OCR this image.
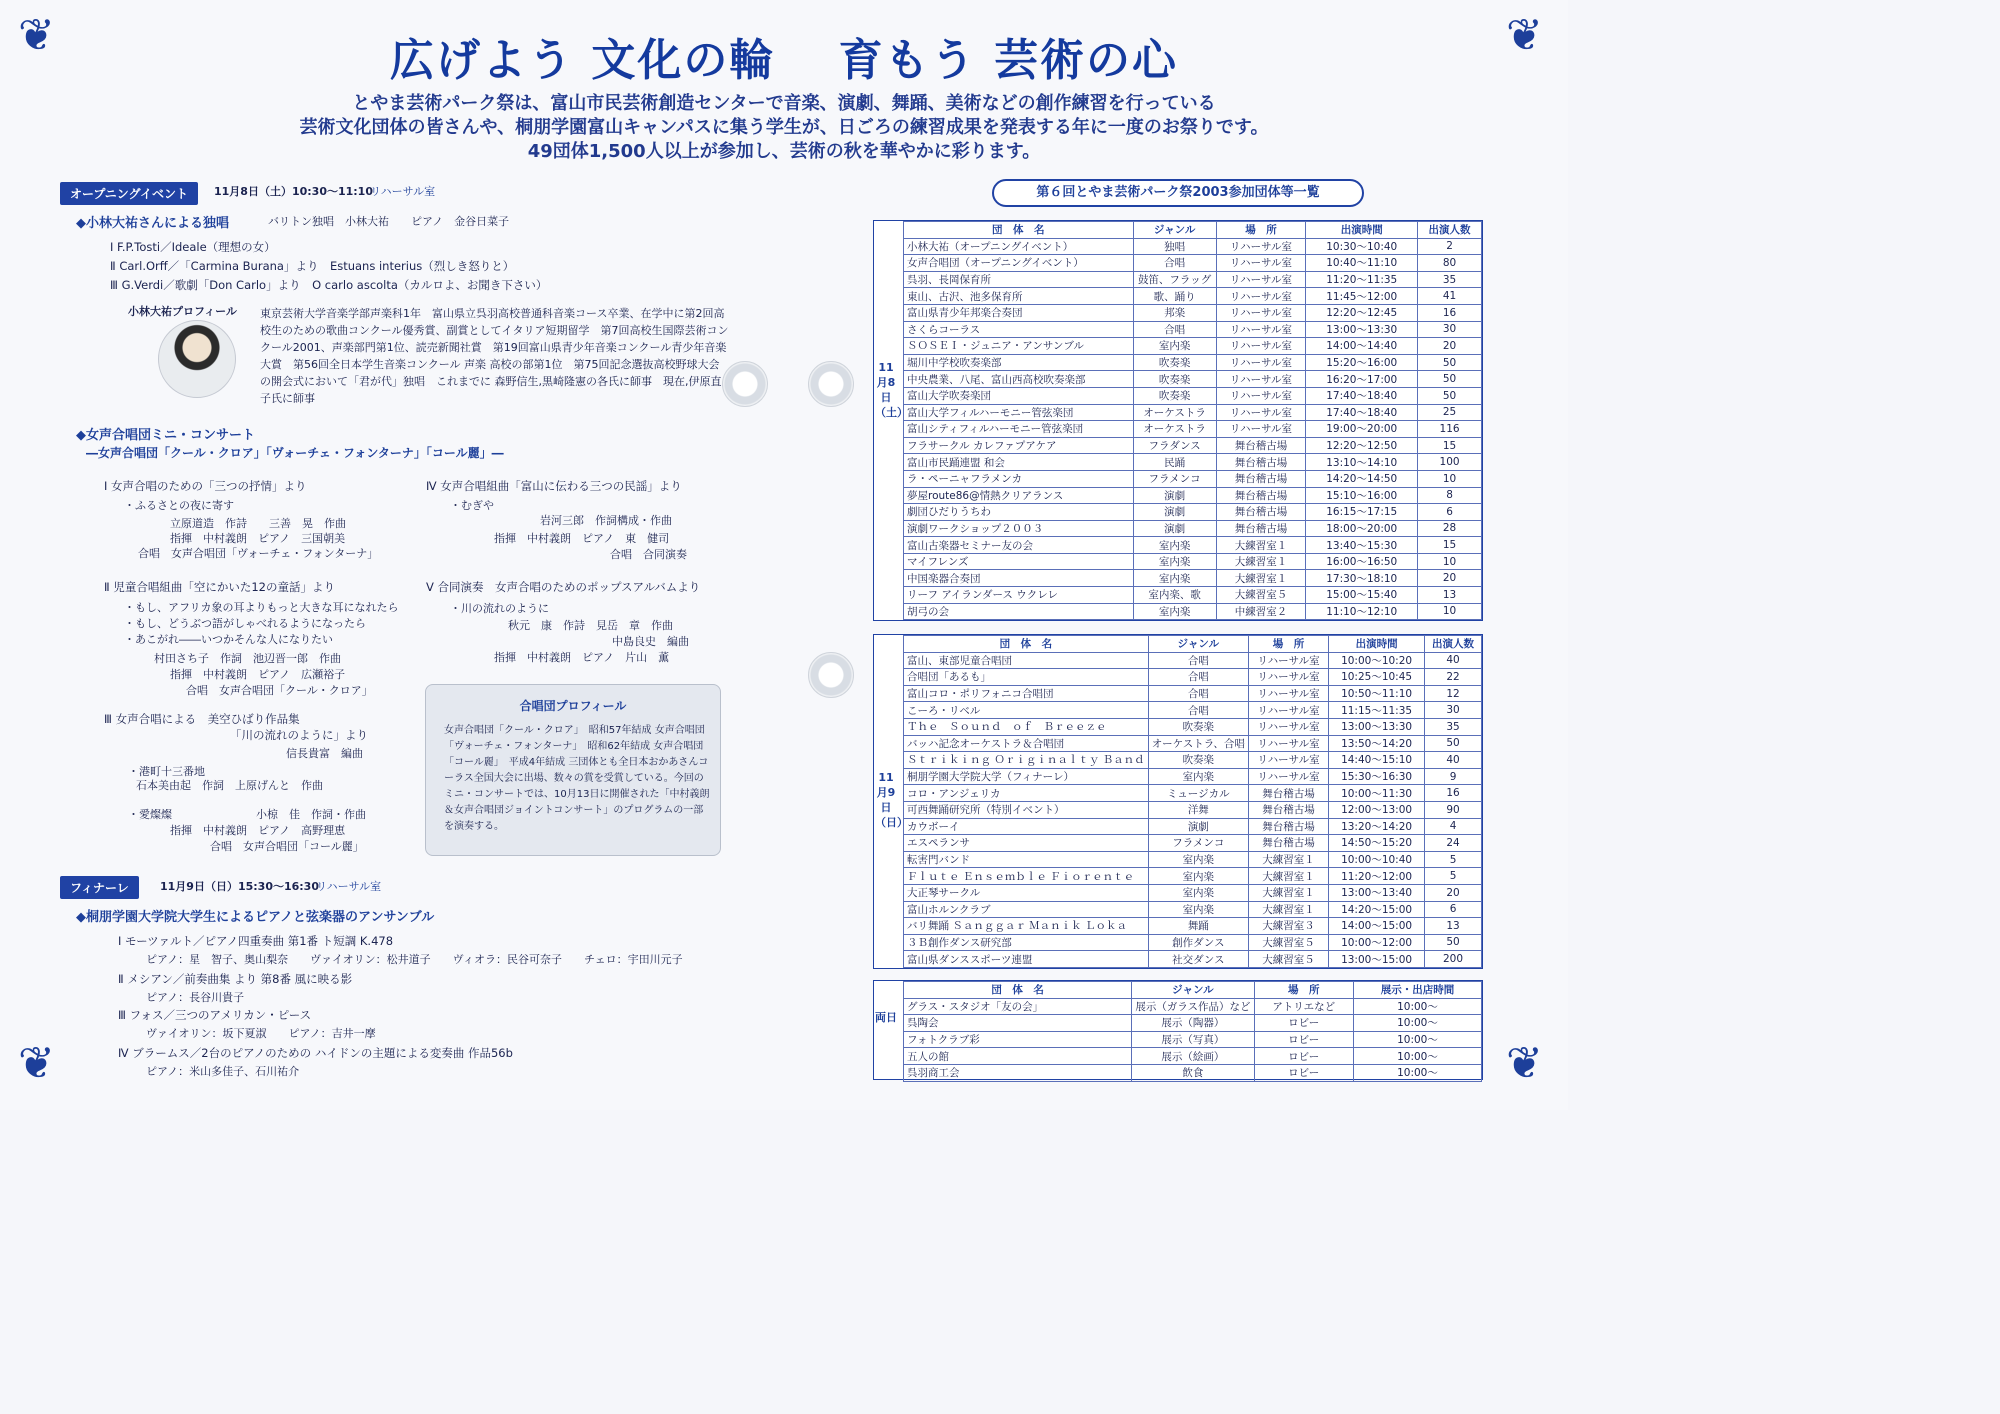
❦	❦
❦	❦
広げよう 文化の輪　 育もう 芸術の心
とやま芸術パーク祭は、富山市民芸術創造センターで音楽、演劇、舞踊、美術などの創作練習を行っている
芸術文化団体の皆さんや、桐朋学園富山キャンパスに集う学生が、日ごろの練習成果を発表する年に一度のお祭りです。
49団体1,500人以上が参加し、芸術の秋を華やかに彩ります。
オープニングイベント	11月8日（土）10:30～11:10
リハーサル室
◆小林大祐さんによる独唱	バリトン独唱　小林大祐　　ピアノ　金谷日菜子
Ⅰ F.P.Tosti／Ideale（理想の女）
Ⅱ Carl.Orff／「Carmina Burana」より　Estuans interius（烈しき怒りと）
Ⅲ G.Verdi／歌劇「Don Carlo」より　O carlo ascolta（カルロよ、お聞き下さい）
小林大祐プロフィール 東京芸術大学音楽学部声楽科1年　富山県立呉羽高校普通科音楽コース卒業、在学中に第2回高校生のための歌曲コンクール優秀賞、副賞としてイタリア短期留学　第7回高校生国際芸術コンクール2001、声楽部門第1位、読売新聞社賞　第19回富山県青少年音楽コンクール青少年音楽大賞　第56回全日本学生音楽コンクール 声楽 高校の部第1位　第75回記念選抜高校野球大会の開会式において「君が代」独唱　これまでに 森野信生,黒崎隆憲の各氏に師事　現在,伊原直子氏に師事
◆女声合唱団ミニ・コンサート
―女声合唱団「クール・クロア」「ヴォーチェ・フォンターナ」「コール麗」―
Ⅰ 女声合唱のための「三つの抒情」より
・ふるさとの夜に寄す
立原道造　作詩　　三善　晃　作曲
指揮　中村義朗　ピアノ　三国朝美
合唱　女声合唱団「ヴォーチェ・フォンターナ」
Ⅱ 児童合唱組曲「空にかいた12の童話」より
・もし、アフリカ象の耳よりもっと大きな耳になれたら
・もし、どうぶつ語がしゃべれるようになったら
・あこがれ――いつかそんな人になりたい
村田さち子　作詞　池辺晋一郎　作曲
指揮　中村義朗　ピアノ　広瀬裕子
合唱　女声合唱団「クール・クロア」
Ⅲ 女声合唱による　美空ひばり作品集
「川の流れのように」より
信長貴富　編曲
・港町十三番地
石本美由起　作詞　上原げんと　作曲
・愛燦燦	小椋　佳　作詞・作曲
指揮　中村義朗　ピアノ　高野理恵
合唱　女声合唱団「コール麗」
Ⅳ 女声合唱組曲「富山に伝わる三つの民謡」より
・むぎや
岩河三郎　作詞構成・作曲
指揮　中村義朗　ピアノ　東　健司
合唱　合同演奏
Ⅴ 合同演奏　女声合唱のためのポップスアルバムより
・川の流れのように
秋元　康　作詩　見岳　章　作曲
中島良史　編曲
指揮　中村義朗　ピアノ　片山　薫
合唱団プロフィール
女声合唱団「クール・クロア」　昭和57年結成 女声合唱団「ヴォーチェ・フォンターナ」　昭和62年結成 女声合唱団「コール麗」　平成4年結成 三団体とも全日本おかあさんコーラス全国大会に出場、数々の賞を受賞している。今回のミニ・コンサートでは、10月13日に開催された「中村義朗＆女声合唱団ジョイントコンサート」のプログラムの一部を演奏する。
フィナーレ	11月9日（日）15:30～16:30
リハーサル室
◆桐朋学園大学院大学生によるピアノと弦楽器のアンサンブル
Ⅰ モーツァルト／ピアノ四重奏曲 第1番 ト短調 K.478
ピアノ：星　智子、奥山梨奈　　ヴァイオリン：松井道子　　ヴィオラ：民谷可奈子　　チェロ：宇田川元子
Ⅱ メシアン／前奏曲集 より 第8番 風に映る影
ピアノ：長谷川貴子
Ⅲ フォス／三つのアメリカン・ピース
ヴァイオリン：坂下夏淑　　ピアノ：吉井一摩
Ⅳ ブラームス／2台のピアノのための ハイドンの主題による変奏曲 作品56b
ピアノ：米山多佳子、石川祐介
第６回とやま芸術パーク祭2003参加団体等一覧
11月8日（土）
団　体　名	ジャンル	場　所	出演時間	出演人数
小林大祐（オープニングイベント）	独唱	リハーサル室	10:30～10:40	2
女声合唱団（オープニングイベント）	合唱	リハーサル室	10:40～11:10	80
呉羽、長岡保育所	鼓笛、フラッグ	リハーサル室	11:20～11:35	35
東山、古沢、池多保育所	歌、踊り	リハーサル室	11:45～12:00	41
富山県青少年邦楽合奏団	邦楽	リハーサル室	12:20～12:45	16
さくらコーラス	合唱	リハーサル室	13:00～13:30	30
ＳＯＳＥＩ・ジュニア・アンサンブル	室内楽	リハーサル室	14:00～14:40	20
堀川中学校吹奏楽部	吹奏楽	リハーサル室	15:20～16:00	50
中央農業、八尾、富山西高校吹奏楽部	吹奏楽	リハーサル室	16:20～17:00	50
富山大学吹奏楽団	吹奏楽	リハーサル室	17:40～18:40	50
富山大学フィルハーモニー管弦楽団	オーケストラ	リハーサル室	17:40～18:40	25
富山シティフィルハーモニー管弦楽団	オーケストラ	リハーサル室	19:00～20:00	116
フラサークル カレファプアケア	フラダンス	舞台稽古場	12:20～12:50	15
富山市民踊連盟 和会	民踊	舞台稽古場	13:10～14:10	100
ラ・ペーニャフラメンカ	フラメンコ	舞台稽古場	14:20～14:50	10
夢屋route86@情熱クリアランス	演劇	舞台稽古場	15:10～16:00	8
劇団ひだりうちわ	演劇	舞台稽古場	16:15～17:15	6
演劇ワークショップ２００３	演劇	舞台稽古場	18:00～20:00	28
富山古楽器セミナー友の会	室内楽	大練習室１	13:40～15:30	15
マイフレンズ	室内楽	大練習室１	16:00～16:50	10
中国楽器合奏団	室内楽	大練習室１	17:30～18:10	20
リーフ アイランダース ウクレレ	室内楽、歌	大練習室５	15:00～15:40	13
胡弓の会	室内楽	中練習室２	11:10～12:10	10
11月9日（日）
団　体　名	ジャンル	場　所	出演時間	出演人数
富山、東部児童合唱団	合唱	リハーサル室	10:00～10:20	40
合唱団「あるも」	合唱	リハーサル室	10:25～10:45	22
富山コロ・ポリフォニコ合唱団	合唱	リハーサル室	10:50～11:10	12
こーろ・リベル	合唱	リハーサル室	11:15～11:35	30
Ｔｈｅ　Ｓｏｕｎｄ　ｏｆ　Ｂｒｅｅｚｅ	吹奏楽	リハーサル室	13:00～13:30	35
バッハ記念オーケストラ＆合唱団	オーケストラ、合唱	リハーサル室	13:50～14:20	50
Ｓｔｒｉｋｉｎｇ Ｏｒｉｇｉｎａｌｔｙ Ｂａｎｄ	吹奏楽	リハーサル室	14:40～15:10	40
桐朋学園大学院大学（フィナーレ）	室内楽	リハーサル室	15:30～16:30	9
コロ・アンジェリカ	ミュージカル	舞台稽古場	10:00～11:30	16
可西舞踊研究所（特別イベント）	洋舞	舞台稽古場	12:00～13:00	90
カウボーイ	演劇	舞台稽古場	13:20～14:20	4
エスペランサ	フラメンコ	舞台稽古場	14:50～15:20	24
転害門バンド	室内楽	大練習室１	10:00～10:40	5
Ｆｌｕｔｅ Ｅｎｓｅｍｂｌｅ Ｆｉｏｒｅｎｔｅ	室内楽	大練習室１	11:20～12:00	5
大正琴サークル	室内楽	大練習室１	13:00～13:40	20
富山ホルンクラブ	室内楽	大練習室１	14:20～15:00	6
バリ舞踊 Ｓａｎｇｇａｒ Ｍａｎｉｋ Ｌｏｋａ	舞踊	大練習室３	14:00～15:00	13
３Ｂ創作ダンス研究部	創作ダンス	大練習室５	10:00～12:00	50
富山県ダンススポーツ連盟	社交ダンス	大練習室５	13:00～15:00	200
両日
団　体　名	ジャンル	場　所	展示・出店時間
グラス・スタジオ「友の会」	展示（ガラス作品）など	アトリエなど	10:00～
呉陶会	展示（陶器）	ロビー	10:00～
フォトクラブ彩	展示（写真）	ロビー	10:00～
五人の館	展示（絵画）	ロビー	10:00～
呉羽商工会	飲食	ロビー	10:00～
